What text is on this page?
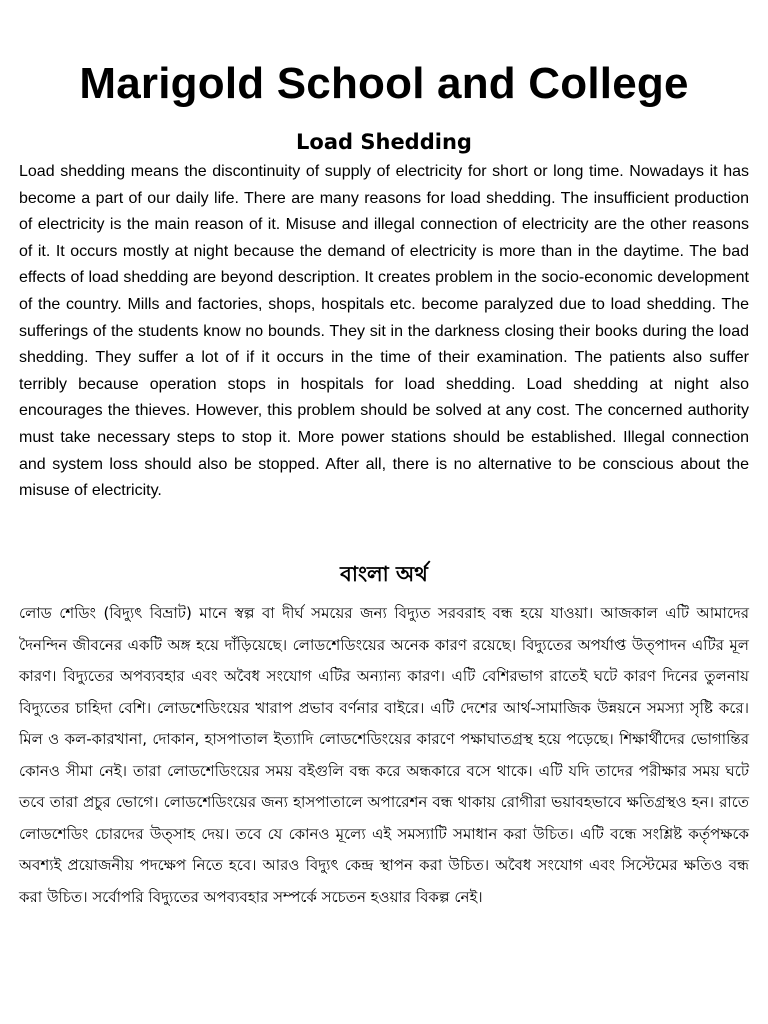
Marigold School and College
Load Shedding

Load shedding means the discontinuity of supply of electricity for short or long time. Nowadays it has become a part of our daily life. There are many reasons for load shedding. The insufficient production of electricity is the main reason of it. Misuse and illegal connection of electricity are the other reasons of it. It occurs mostly at night because the demand of electricity is more than in the daytime. The bad effects of load shedding are beyond description. It creates problem in the socio-economic development of the country. Mills and factories, shops, hospitals etc. become paralyzed due to load shedding. The sufferings of the students know no bounds. They sit in the darkness closing their books during the load shedding. They suffer a lot of if it occurs in the time of their examination. The patients also suffer terribly because operation stops in hospitals for load shedding. Load shedding at night also encourages the thieves. However, this problem should be solved at any cost. The concerned authority must take necessary steps to stop it. More power stations should be established. Illegal connection and system loss should also be stopped. After all, there is no alternative to be conscious about the misuse of electricity.

বাংলা অর্থ

লোড শেডিং (বিদ্যুৎ বিভ্রাট) মানে স্বল্প বা দীর্ঘ সময়ের জন্য বিদ্যুত সরবরাহ বন্ধ হয়ে যাওয়া। আজকাল এটি আমাদের দৈনন্দিন জীবনের একটি অঙ্গ হয়ে দাঁড়িয়েছে। লোডশেডিংয়ের অনেক কারণ রয়েছে। বিদ্যুতের অপর্যাপ্ত উত্পাদন এটির মূল কারণ। বিদ্যুতের অপব্যবহার এবং অবৈধ সংযোগ এটির অন্যান্য কারণ। এটি বেশিরভাগ রাতেই ঘটে কারণ দিনের তুলনায় বিদ্যুতের চাহিদা বেশি। লোডশেডিংয়ের খারাপ প্রভাব বর্ণনার বাইরে। এটি দেশের আর্থ-সামাজিক উন্নয়নে সমস্যা সৃষ্টি করে। মিল ও কল-কারখানা, দোকান, হাসপাতাল ইত্যাদি লোডশেডিংয়ের কারণে পক্ষাঘাতগ্রস্থ হয়ে পড়েছে। শিক্ষার্থীদের ভোগান্তির কোনও সীমা নেই। তারা লোডশেডিংয়ের সময় বইগুলি বন্ধ করে অন্ধকারে বসে থাকে। এটি যদি তাদের পরীক্ষার সময় ঘটে তবে তারা প্রচুর ভোগে। লোডশেডিংয়ের জন্য হাসপাতালে অপারেশন বন্ধ থাকায় রোগীরা ভয়াবহভাবে ক্ষতিগ্রস্থও হন। রাতে লোডশেডিং চোরদের উত্সাহ দেয়। তবে যে কোনও মূল্যে এই সমস্যাটি সমাধান করা উচিত। এটি বন্ধে সংশ্লিষ্ট কর্তৃপক্ষকে অবশ্যই প্রয়োজনীয় পদক্ষেপ নিতে হবে। আরও বিদ্যুৎ কেন্দ্র স্থাপন করা উচিত। অবৈধ সংযোগ এবং সিস্টেমের ক্ষতিও বন্ধ করা উচিত। সর্বোপরি বিদ্যুতের অপব্যবহার সম্পর্কে সচেতন হওয়ার বিকল্প নেই।
